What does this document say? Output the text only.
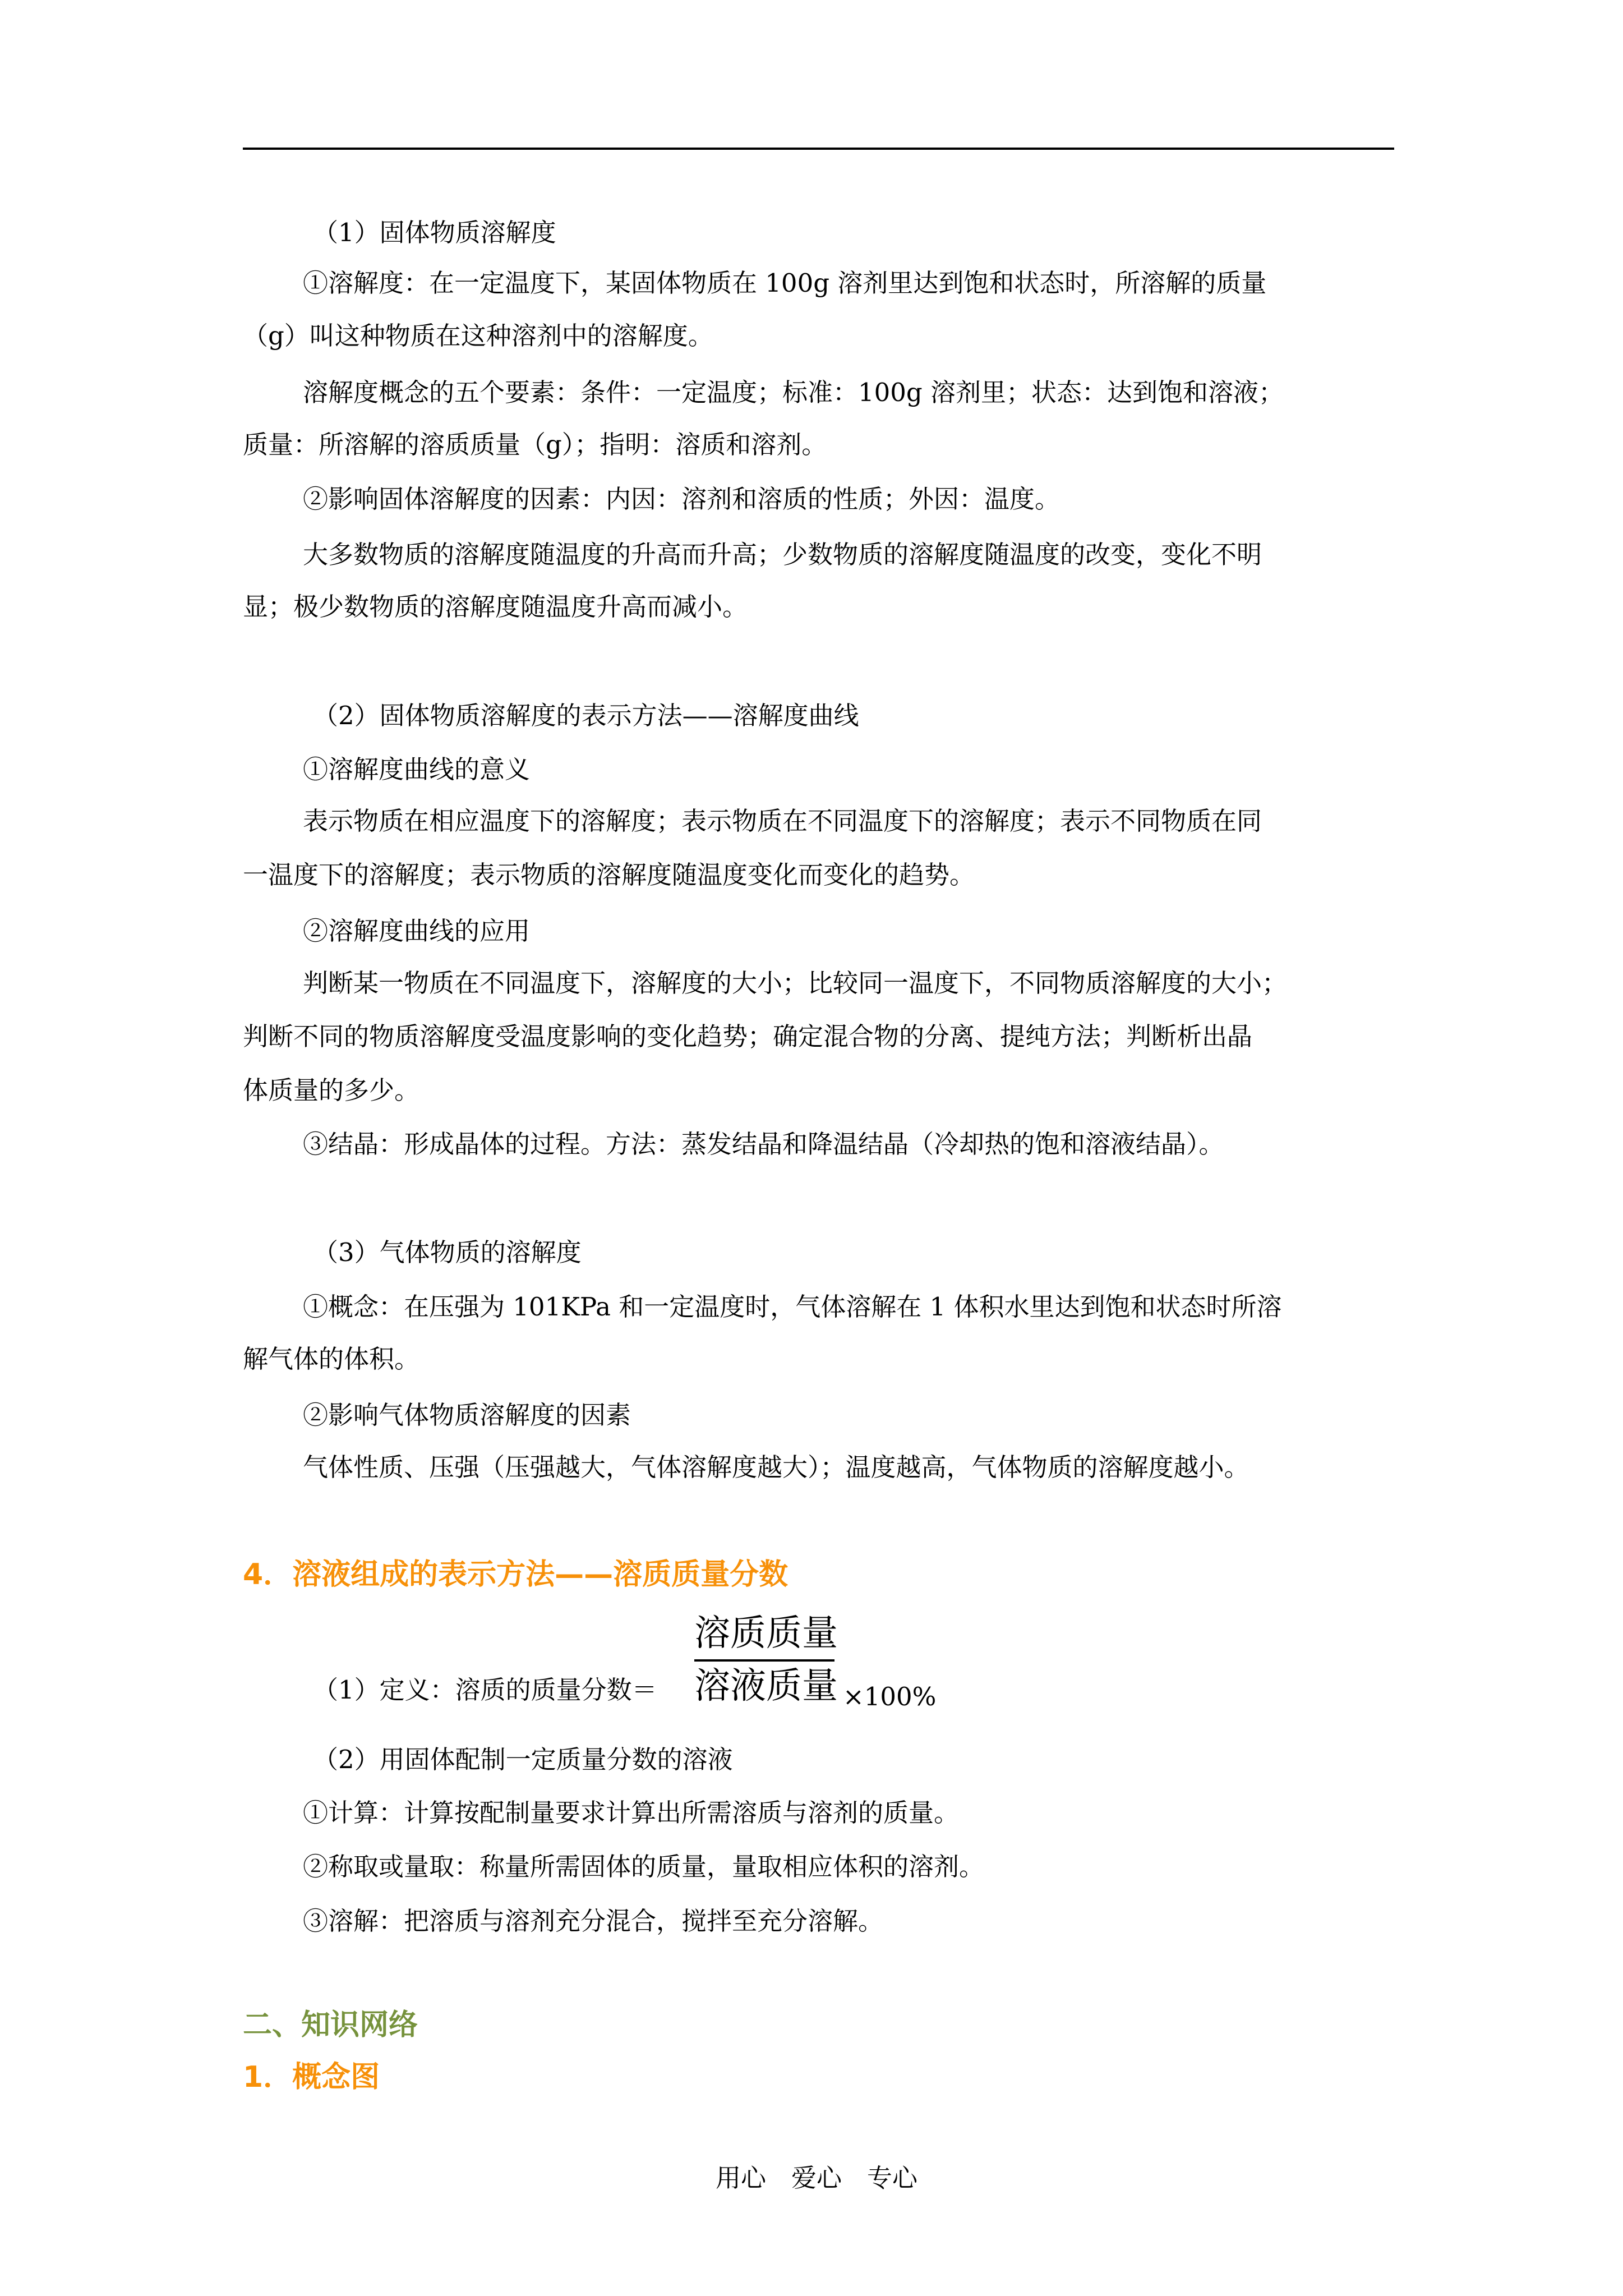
（1）固体物质溶解度
①溶解度：在一定温度下，某固体物质在 100g 溶剂里达到饱和状态时，所溶解的质量
（g）叫这种物质在这种溶剂中的溶解度。
溶解度概念的五个要素：条件：一定温度；标准：100g 溶剂里；状态：达到饱和溶液；
质量：所溶解的溶质质量（g）；指明：溶质和溶剂。
②影响固体溶解度的因素：内因：溶剂和溶质的性质；外因：温度。
大多数物质的溶解度随温度的升高而升高；少数物质的溶解度随温度的改变，变化不明
显；极少数物质的溶解度随温度升高而减小。
（2）固体物质溶解度的表示方法——溶解度曲线
①溶解度曲线的意义
表示物质在相应温度下的溶解度；表示物质在不同温度下的溶解度；表示不同物质在同
一温度下的溶解度；表示物质的溶解度随温度变化而变化的趋势。
②溶解度曲线的应用
判断某一物质在不同温度下，溶解度的大小；比较同一温度下，不同物质溶解度的大小；
判断不同的物质溶解度受温度影响的变化趋势；确定混合物的分离、提纯方法；判断析出晶
体质量的多少。
③结晶：形成晶体的过程。方法：蒸发结晶和降温结晶（冷却热的饱和溶液结晶）。
（3）气体物质的溶解度
①概念：在压强为 101KPa 和一定温度时，气体溶解在 1 体积水里达到饱和状态时所溶
解气体的体积。
②影响气体物质溶解度的因素
气体性质、压强（压强越大，气体溶解度越大）；温度越高，气体物质的溶解度越小。
4．溶液组成的表示方法——溶质质量分数
（1）定义：溶质的质量分数＝
溶质质量
溶液质量 ×100%
（2）用固体配制一定质量分数的溶液
①计算：计算按配制量要求计算出所需溶质与溶剂的质量。
②称取或量取：称量所需固体的质量，量取相应体积的溶剂。
③溶解：把溶质与溶剂充分混合，搅拌至充分溶解。
二、知识网络
1．概念图
用心　爱心　专心
